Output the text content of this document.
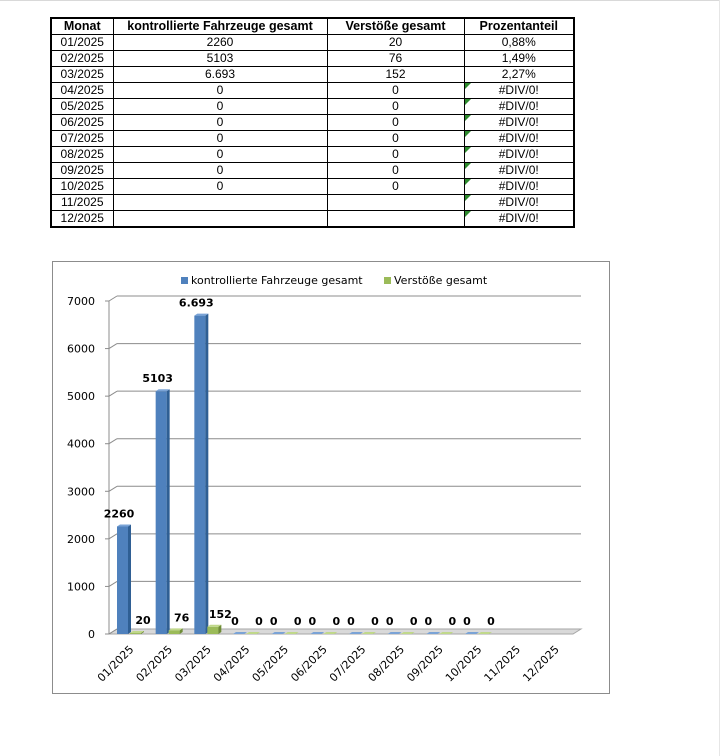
Monat	kontrollierte Fahrzeuge gesamt	Verstöße gesamt	Prozentanteil
01/2025	2260	20	0,88%
02/2025	5103	76	1,49%
03/2025	6.693	152	2,27%
04/2025	0	0	#DIV/0!
05/2025	0	0	#DIV/0!
06/2025	0	0	#DIV/0!
07/2025	0	0	#DIV/0!
08/2025	0	0	#DIV/0!
09/2025	0	0	#DIV/0!
10/2025	0	0	#DIV/0!
11/2025			#DIV/0!
12/2025			#DIV/0!
0
1000
2000
3000
4000
5000
6000
7000
2260
20
01/2025
5103
76
02/2025
6.693
152
03/2025
0 0
04/2025
0 0
05/2025
0 0
06/2025
0 0
07/2025
0 0
08/2025
0 0
09/2025
0 0
10/2025
11/2025
12/2025
kontrollierte Fahrzeuge gesamt	Verstöße gesamt
